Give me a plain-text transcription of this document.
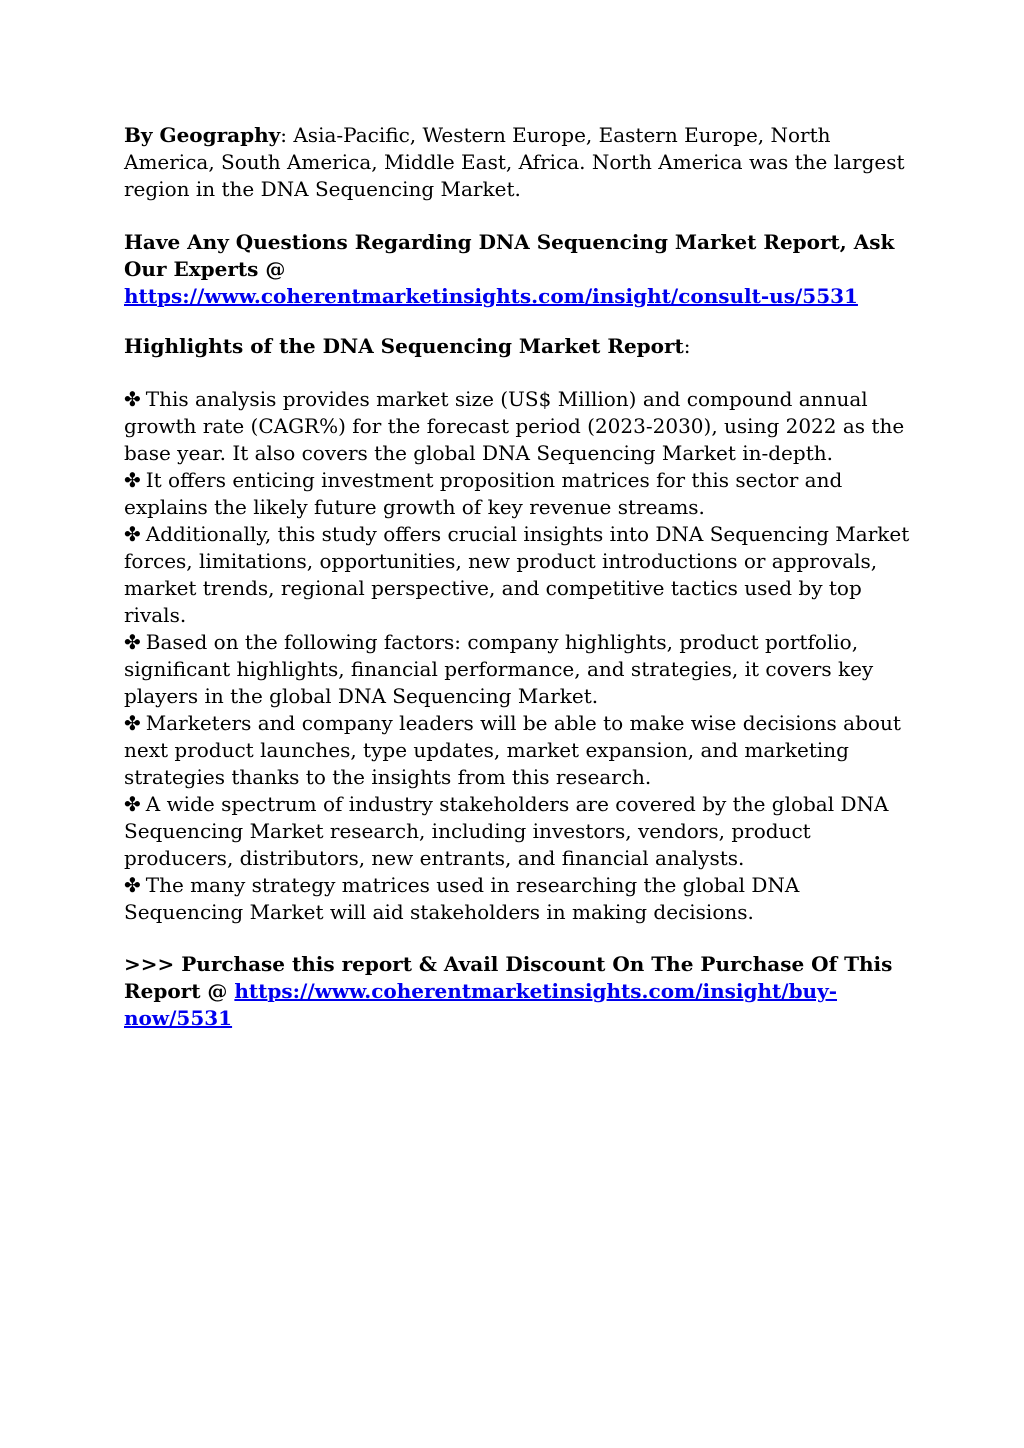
By Geography: Asia-Pacific, Western Europe, Eastern Europe, North America, South America, Middle East, Africa. North America was the largest region in the DNA Sequencing Market.

Have Any Questions Regarding DNA Sequencing Market Report, Ask Our Experts @ https://www.coherentmarketinsights.com/insight/consult-us/5531

Highlights of the DNA Sequencing Market Report:

✤ This analysis provides market size (US$ Million) and compound annual growth rate (CAGR%) for the forecast period (2023-2030), using 2022 as the base year. It also covers the global DNA Sequencing Market in-depth.

✤ It offers enticing investment proposition matrices for this sector and explains the likely future growth of key revenue streams.

✤ Additionally, this study offers crucial insights into DNA Sequencing Market forces, limitations, opportunities, new product introductions or approvals, market trends, regional perspective, and competitive tactics used by top rivals.

✤ Based on the following factors: company highlights, product portfolio, significant highlights, financial performance, and strategies, it covers key players in the global DNA Sequencing Market.

✤ Marketers and company leaders will be able to make wise decisions about next product launches, type updates, market expansion, and marketing strategies thanks to the insights from this research.

✤ A wide spectrum of industry stakeholders are covered by the global DNA Sequencing Market research, including investors, vendors, product producers, distributors, new entrants, and financial analysts.

✤ The many strategy matrices used in researching the global DNA Sequencing Market will aid stakeholders in making decisions.

>>> Purchase this report & Avail Discount On The Purchase Of This Report @ https://www.coherentmarketinsights.com/insight/buy-now/5531
